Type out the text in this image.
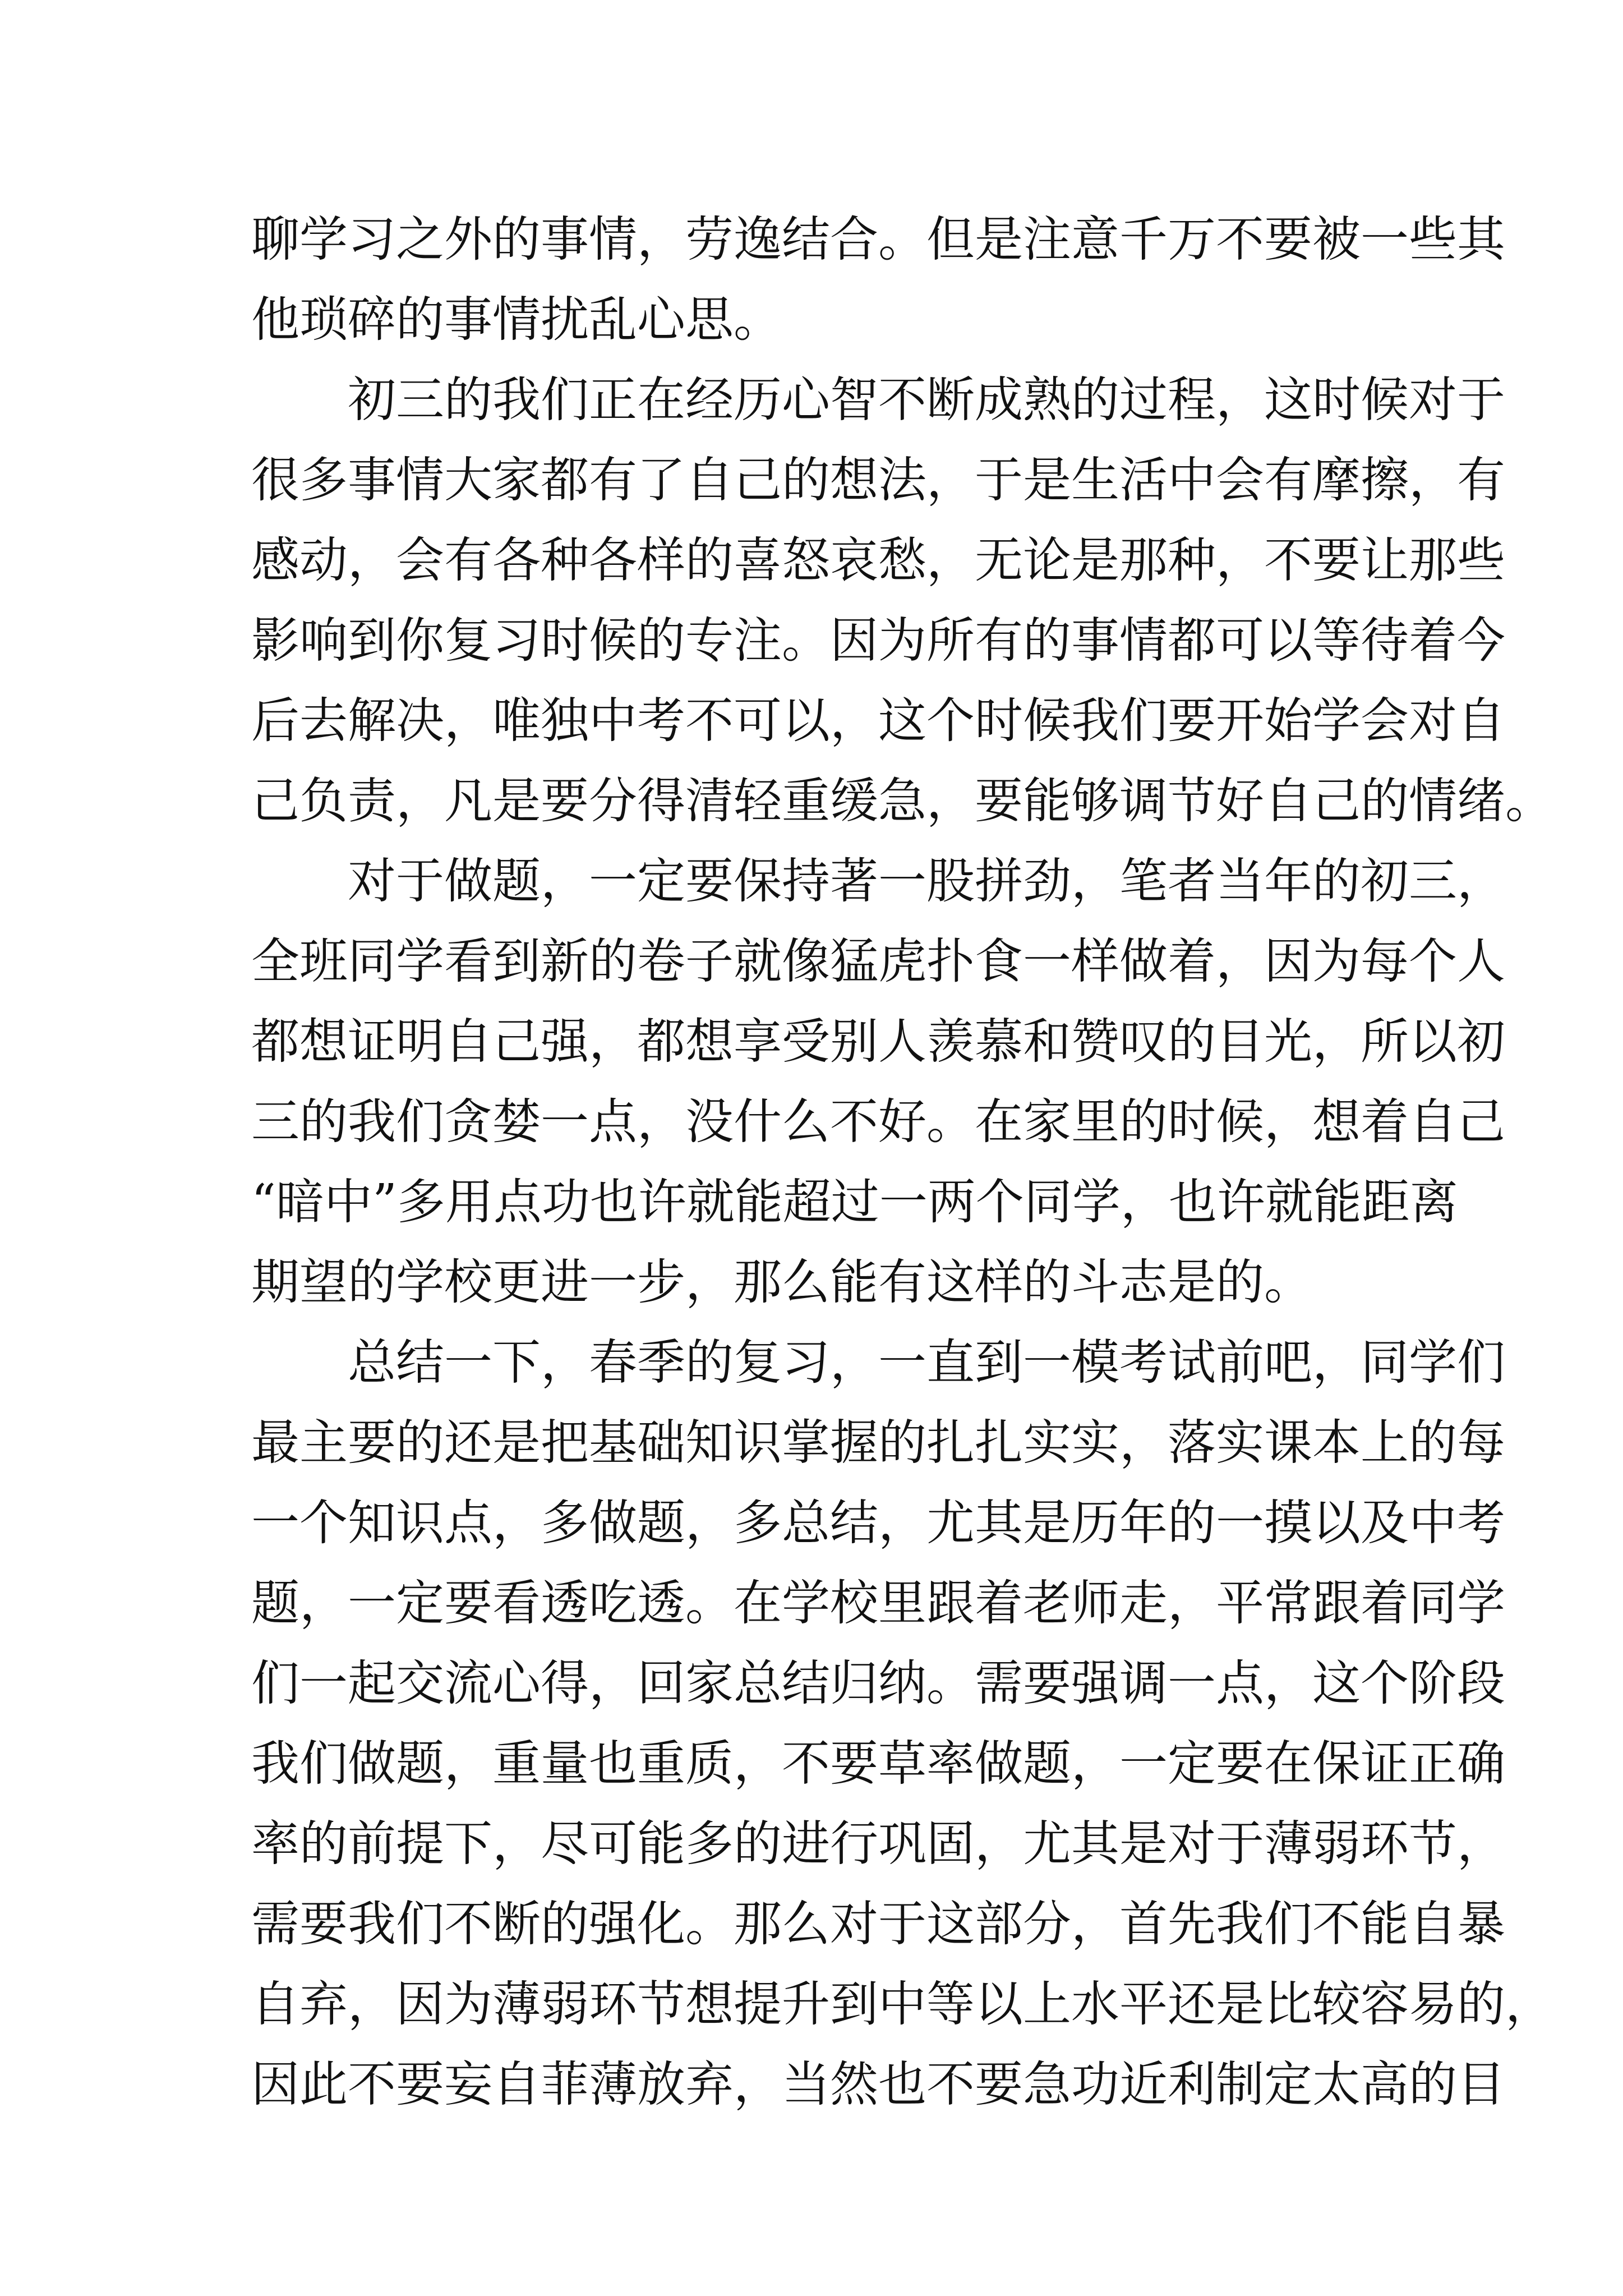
聊学习之外的事情，劳逸结合。但是注意千万不要被一些其
他琐碎的事情扰乱心思。
初三的我们正在经历心智不断成熟的过程，这时候对于
很多事情大家都有了自己的想法，于是生活中会有摩擦，有
感动，会有各种各样的喜怒哀愁，无论是那种，不要让那些
影响到你复习时候的专注。因为所有的事情都可以等待着今
后去解决，唯独中考不可以，这个时候我们要开始学会对自
己负责，凡是要分得清轻重缓急，要能够调节好自己的情绪。
对于做题，一定要保持著一股拼劲，笔者当年的初三，
全班同学看到新的卷子就像猛虎扑食一样做着，因为每个人
都想证明自己强，都想享受别人羡慕和赞叹的目光，所以初
三的我们贪婪一点，没什么不好。在家里的时候，想着自己
“暗中”多用点功也许就能超过一两个同学，也许就能距离
期望的学校更进一步，那么能有这样的斗志是的。
总结一下，春季的复习，一直到一模考试前吧，同学们
最主要的还是把基础知识掌握的扎扎实实，落实课本上的每
一个知识点，多做题，多总结，尤其是历年的一摸以及中考
题，一定要看透吃透。在学校里跟着老师走，平常跟着同学
们一起交流心得，回家总结归纳。需要强调一点，这个阶段
我们做题，重量也重质，不要草率做题，一定要在保证正确
率的前提下，尽可能多的进行巩固，尤其是对于薄弱环节，
需要我们不断的强化。那么对于这部分，首先我们不能自暴
自弃，因为薄弱环节想提升到中等以上水平还是比较容易的，
因此不要妄自菲薄放弃，当然也不要急功近利制定太高的目
